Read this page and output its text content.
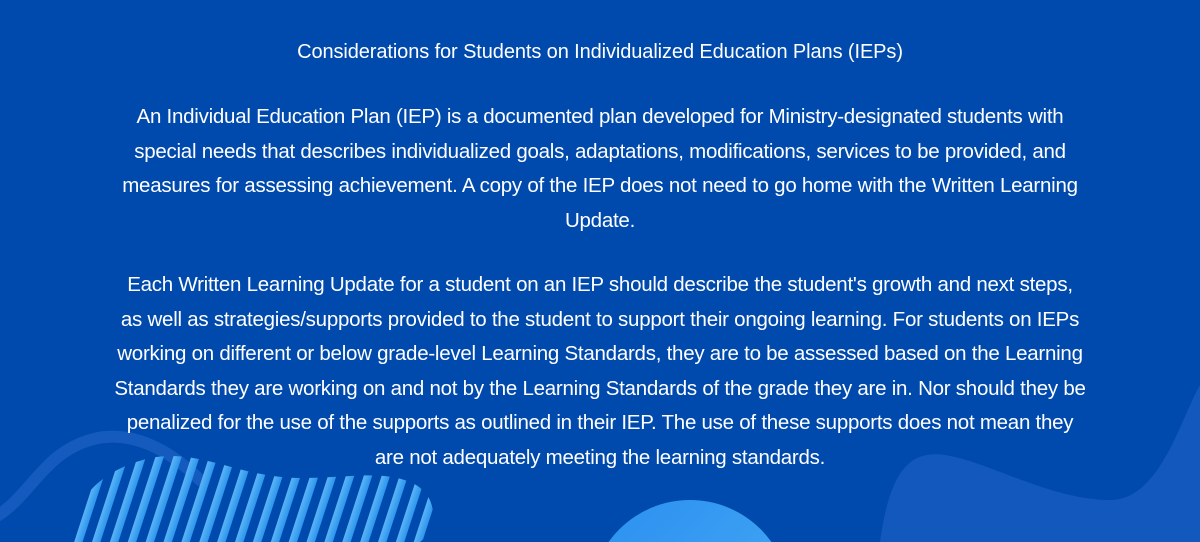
Considerations for Students on Individualized Education Plans (IEPs)
An Individual Education Plan (IEP) is a documented plan developed for Ministry-designated students with
special needs that describes individualized goals, adaptations, modifications, services to be provided, and
measures for assessing achievement. A copy of the IEP does not need to go home with the Written Learning
Update.
Each Written Learning Update for a student on an IEP should describe the student's growth and next steps,
as well as strategies/supports provided to the student to support their ongoing learning. For students on IEPs
working on different or below grade-level Learning Standards, they are to be assessed based on the Learning
Standards they are working on and not by the Learning Standards of the grade they are in. Nor should they be
penalized for the use of the supports as outlined in their IEP. The use of these supports does not mean they
are not adequately meeting the learning standards.
